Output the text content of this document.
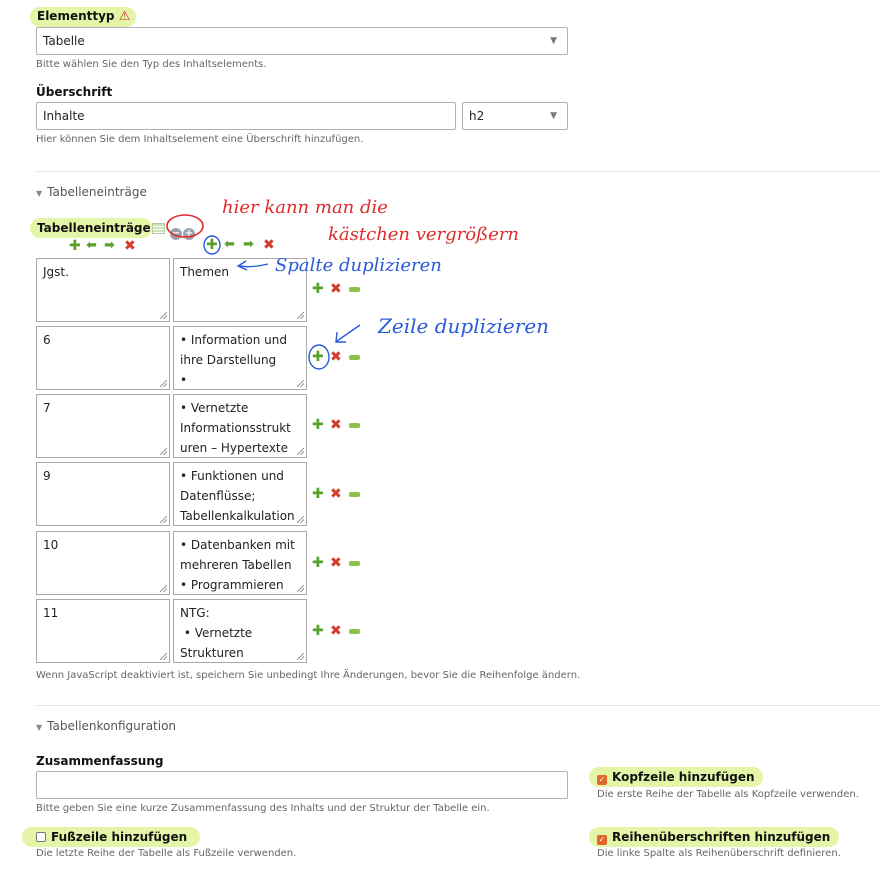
Elementtyp ⚠
Tabelle	▼
Bitte wählen Sie den Typ des Inhaltselements.
Überschrift
Inhalte	h2	▼
Hier können Sie dem Inhaltselement eine Überschrift hinzufügen.
▼ Tabelleneinträge
Tabelleneinträge − +
✚ ⬅ ➡ ✖	✚ ⬅ ➡ ✖
Jgst.	Themen
✚ ✖
6	• Information und
ihre Darstellung
•
✚ ✖
7	• Vernetzte
Informationsstrukt
uren – Hypertexte
✚ ✖
9	• Funktionen und
Datenflüsse;
Tabellenkalkulation
✚ ✖
10	• Datenbanken mit
mehreren Tabellen
• Programmieren
✚ ✖
11	NTG:
• Vernetzte
Strukturen
✚ ✖
Wenn JavaScript deaktiviert ist, speichern Sie unbedingt Ihre Änderungen, bevor Sie die Reihenfolge ändern.
hier kann man die
kästchen vergrößern
Spalte duplizieren
Zeile duplizieren
▼ Tabellenkonfiguration
Zusammenfassung
Bitte geben Sie eine kurze Zusammenfassung des Inhalts und der Struktur der Tabelle ein.
✓ Kopfzeile hinzufügen
Die erste Reihe der Tabelle als Kopfzeile verwenden.
Fußzeile hinzufügen
Die letzte Reihe der Tabelle als Fußzeile verwenden.
✓ Reihenüberschriften hinzufügen
Die linke Spalte als Reihenüberschrift definieren.
